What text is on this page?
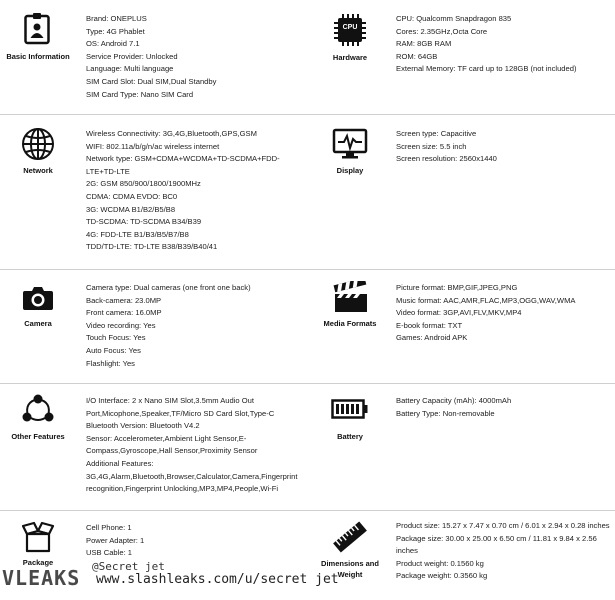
Basic Information
Brand: ONEPLUS
Type: 4G Phablet
OS: Android 7.1
Service Provider: Unlocked
Language: Multi language
SIM Card Slot: Dual SIM,Dual Standby
SIM Card Type: Nano SIM Card
CPU
Hardware
CPU: Qualcomm Snapdragon 835
Cores: 2.35GHz,Octa Core
RAM: 8GB RAM
ROM: 64GB
External Memory: TF card up to 128GB (not included)
Network
Wireless Connectivity: 3G,4G,Bluetooth,GPS,GSM
WIFI: 802.11a/b/g/n/ac wireless internet
Network type: GSM+CDMA+WCDMA+TD-SCDMA+FDD-
LTE+TD-LTE
2G: GSM 850/900/1800/1900MHz
CDMA: CDMA EVDO: BC0
3G: WCDMA B1/B2/B5/B8
TD-SCDMA: TD-SCDMA B34/B39
4G: FDD-LTE B1/B3/B5/B7/B8
TDD/TD-LTE: TD-LTE B38/B39/B40/41
Display
Screen type: Capacitive
Screen size: 5.5 inch
Screen resolution: 2560x1440
Camera
Camera type: Dual cameras (one front one back)
Back-camera: 23.0MP
Front camera: 16.0MP
Video recording: Yes
Touch Focus: Yes
Auto Focus: Yes
Flashlight: Yes
Media Formats
Picture format: BMP,GIF,JPEG,PNG
Music format: AAC,AMR,FLAC,MP3,OGG,WAV,WMA
Video format: 3GP,AVI,FLV,MKV,MP4
E-book format: TXT
Games: Android APK
Other Features
I/O Interface: 2 x Nano SIM Slot,3.5mm Audio Out
Port,Micophone,Speaker,TF/Micro SD Card Slot,Type-C
Bluetooth Version: Bluetooth V4.2
Sensor: Accelerometer,Ambient Light Sensor,E-
Compass,Gyroscope,Hall Sensor,Proximity Sensor
Additional Features:
3G,4G,Alarm,Bluetooth,Browser,Calculator,Camera,Fingerprint
recognition,Fingerprint Unlocking,MP3,MP4,People,Wi-Fi
Battery
Battery Capacity (mAh): 4000mAh
Battery Type: Non-removable
Package
Cell Phone: 1
Power Adapter: 1
USB Cable: 1
Dimensions and
Weight
Product size: 15.27 x 7.47 x 0.70 cm / 6.01 x 2.94 x 0.28 inches
Package size: 30.00 x 25.00 x 6.50 cm / 11.81 x 9.84 x 2.56
inches
Product weight: 0.1560 kg
Package weight: 0.3560 kg
@Secret jet
VLEAKS www.slashleaks.com/u/secret jet
